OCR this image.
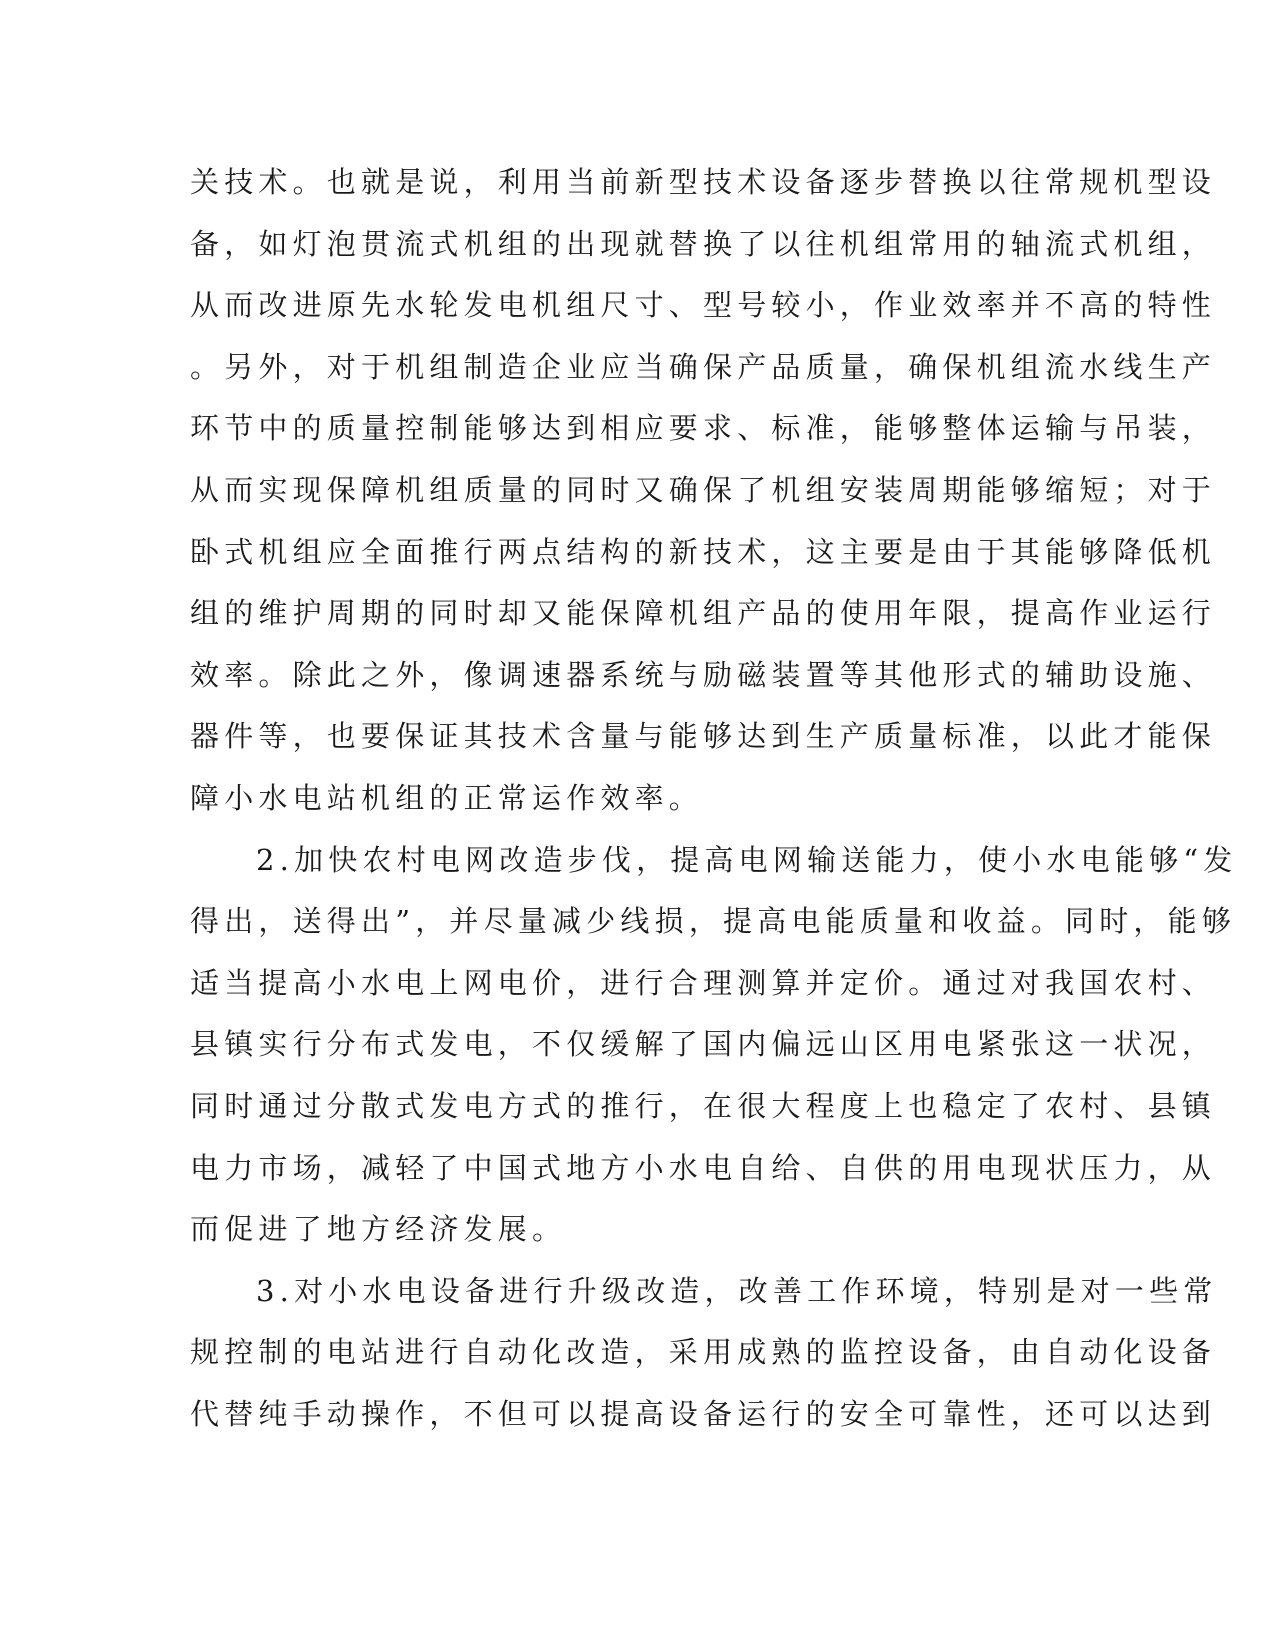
关技术。也就是说，利用当前新型技术设备逐步替换以往常规机型设
备，如灯泡贯流式机组的出现就替换了以往机组常用的轴流式机组，
从而改进原先水轮发电机组尺寸、型号较小，作业效率并不高的特性
。另外，对于机组制造企业应当确保产品质量，确保机组流水线生产
环节中的质量控制能够达到相应要求、标准，能够整体运输与吊装，
从而实现保障机组质量的同时又确保了机组安装周期能够缩短；对于
卧式机组应全面推行两点结构的新技术，这主要是由于其能够降低机
组的维护周期的同时却又能保障机组产品的使用年限，提高作业运行
效率。除此之外，像调速器系统与励磁装置等其他形式的辅助设施、
器件等，也要保证其技术含量与能够达到生产质量标准，以此才能保
障小水电站机组的正常运作效率。
2.加快农村电网改造步伐，提高电网输送能力，使小水电能够“发
得出，送得出”，并尽量减少线损，提高电能质量和收益。同时，能够
适当提高小水电上网电价，进行合理测算并定价。通过对我国农村、
县镇实行分布式发电，不仅缓解了国内偏远山区用电紧张这一状况，
同时通过分散式发电方式的推行，在很大程度上也稳定了农村、县镇
电力市场，减轻了中国式地方小水电自给、自供的用电现状压力，从
而促进了地方经济发展。
3.对小水电设备进行升级改造，改善工作环境，特别是对一些常
规控制的电站进行自动化改造，采用成熟的监控设备，由自动化设备
代替纯手动操作，不但可以提高设备运行的安全可靠性，还可以达到
